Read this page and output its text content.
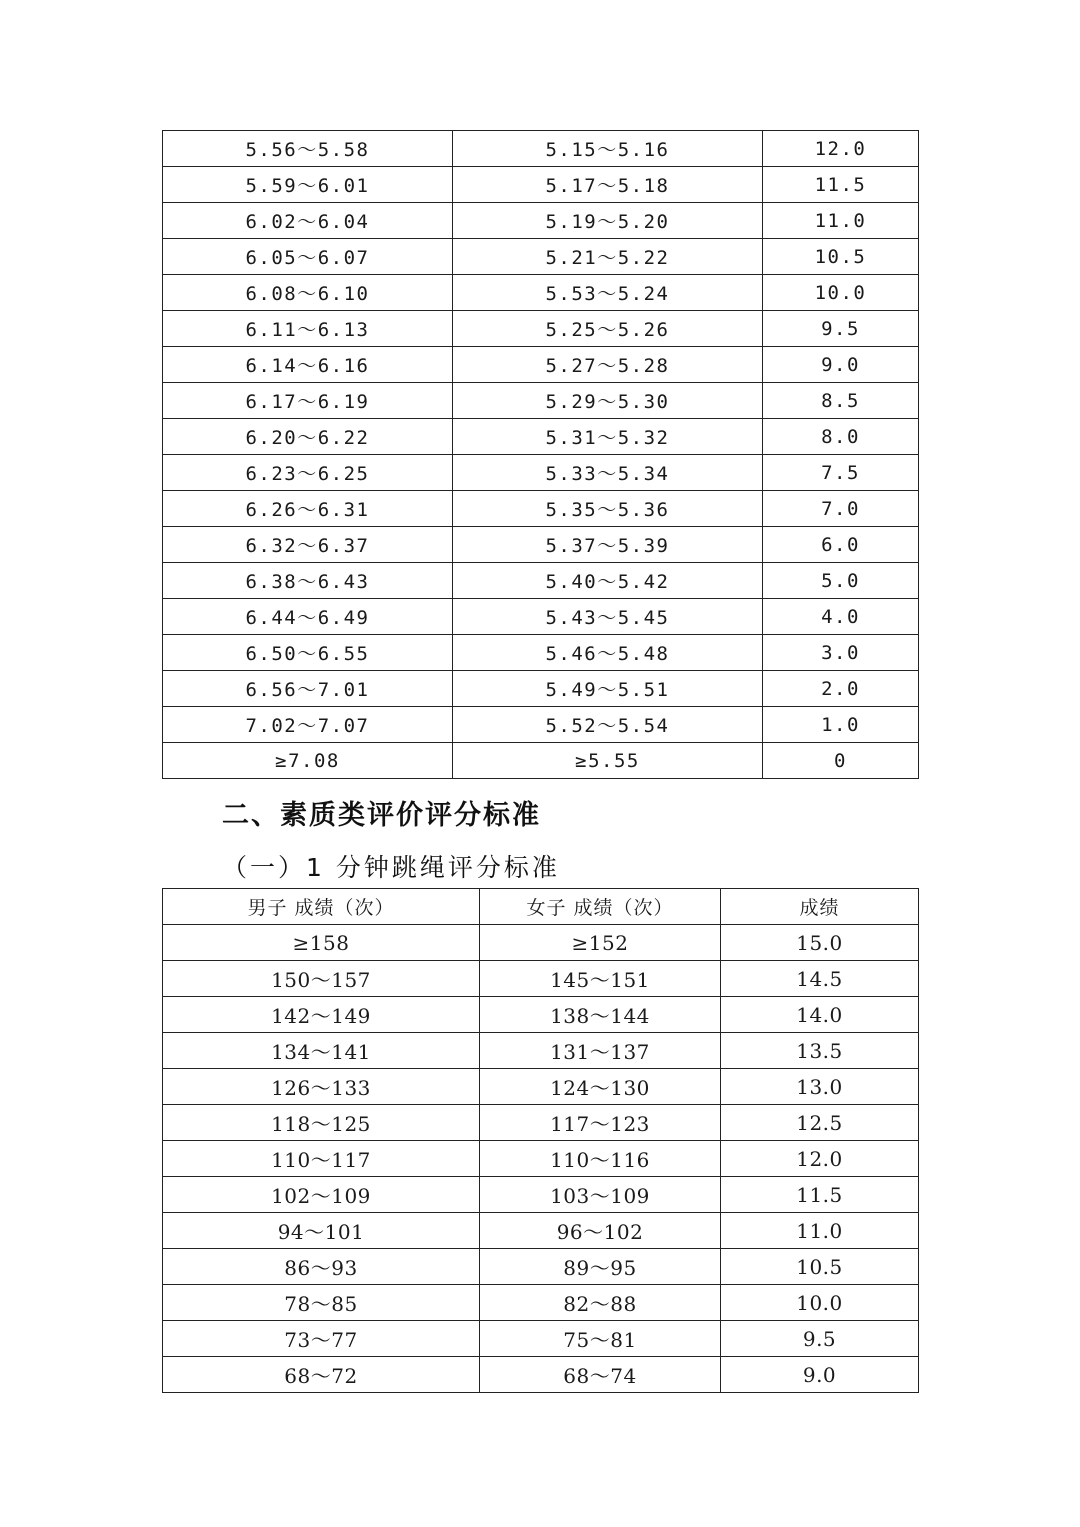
5.56～5.58	5.15～5.16	12.0
5.59～6.01	5.17～5.18	11.5
6.02～6.04	5.19～5.20	11.0
6.05～6.07	5.21～5.22	10.5
6.08～6.10	5.53～5.24	10.0
6.11～6.13	5.25～5.26	9.5
6.14～6.16	5.27～5.28	9.0
6.17～6.19	5.29～5.30	8.5
6.20～6.22	5.31～5.32	8.0
6.23～6.25	5.33～5.34	7.5
6.26～6.31	5.35～5.36	7.0
6.32～6.37	5.37～5.39	6.0
6.38～6.43	5.40～5.42	5.0
6.44～6.49	5.43～5.45	4.0
6.50～6.55	5.46～5.48	3.0
6.56～7.01	5.49～5.51	2.0
7.02～7.07	5.52～5.54	1.0
≥7.08	≥5.55	0
二、素质类评价评分标准
（一）1 分钟跳绳评分标准
男子 成绩（次）	女子 成绩（次）	成绩
≥158	≥152	15.0
150～157	145～151	14.5
142～149	138～144	14.0
134～141	131～137	13.5
126～133	124～130	13.0
118～125	117～123	12.5
110～117	110～116	12.0
102～109	103～109	11.5
94～101	96～102	11.0
86～93	89～95	10.5
78～85	82～88	10.0
73～77	75～81	9.5
68～72	68～74	9.0
